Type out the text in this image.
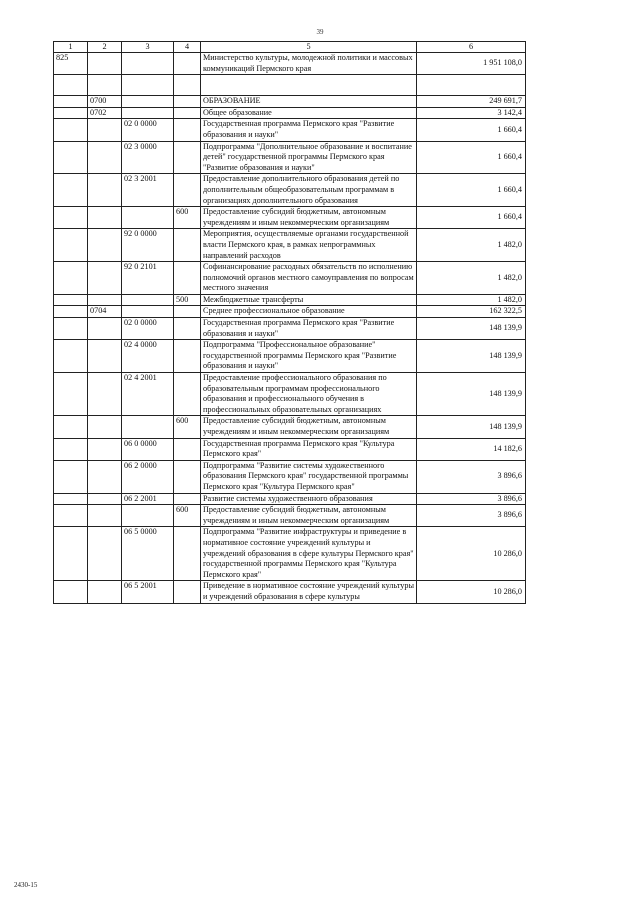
39
1	2	3	4	5	6
825				Министерство культуры, молодежной политики и массовых коммуникаций Пермского края	1 951 108,0

	0700			ОБРАЗОВАНИЕ	249 691,7
	0702			Общее образование	3 142,4
		02 0 0000		Государственная программа Пермского края "Развитие образования и науки"	1 660,4
		02 3 0000		Подпрограмма "Дополнительное образование и воспитание детей" государственной программы Пермского края "Развитие образования и науки"	1 660,4
		02 3 2001		Предоставление дополнительного образования детей по дополнительным общеобразовательным программам в организациях дополнительного образования	1 660,4
			600	Предоставление субсидий бюджетным, автономным учреждениям и иным некоммерческим организациям	1 660,4
		92 0 0000		Мероприятия, осуществляемые органами государственной власти Пермского края, в рамках непрограммных направлений расходов	1 482,0
		92 0 2101		Софинансирование расходных обязательств по исполнению полномочий органов местного самоуправления по вопросам местного значения	1 482,0
			500	Межбюджетные трансферты	1 482,0
	0704			Среднее профессиональное образование	162 322,5
		02 0 0000		Государственная программа Пермского края "Развитие образования и науки"	148 139,9
		02 4 0000		Подпрограмма "Профессиональное образование" государственной программы Пермского края "Развитие образования и науки"	148 139,9
		02 4 2001		Предоставление профессионального образования по образовательным программам профессионального образования и профессионального обучения в профессиональных образовательных организациях	148 139,9
			600	Предоставление субсидий бюджетным, автономным учреждениям и иным некоммерческим организациям	148 139,9
		06 0 0000		Государственная программа Пермского края "Культура Пермского края"	14 182,6
		06 2 0000		Подпрограмма "Развитие системы художественного образования Пермского края" государственной программы Пермского края "Культура Пермского края"	3 896,6
		06 2 2001		Развитие системы художественного образования	3 896,6
			600	Предоставление субсидий бюджетным, автономным учреждениям и иным некоммерческим организациям	3 896,6
		06 5 0000		Подпрограмма "Развитие инфраструктуры и приведение в нормативное состояние учреждений культуры и учреждений образования в сфере культуры Пермского края" государственной программы Пермского края "Культура Пермского края"	10 286,0
		06 5 2001		Приведение в нормативное состояние учреждений культуры и учреждений образования в сфере культуры	10 286,0
2430-15
